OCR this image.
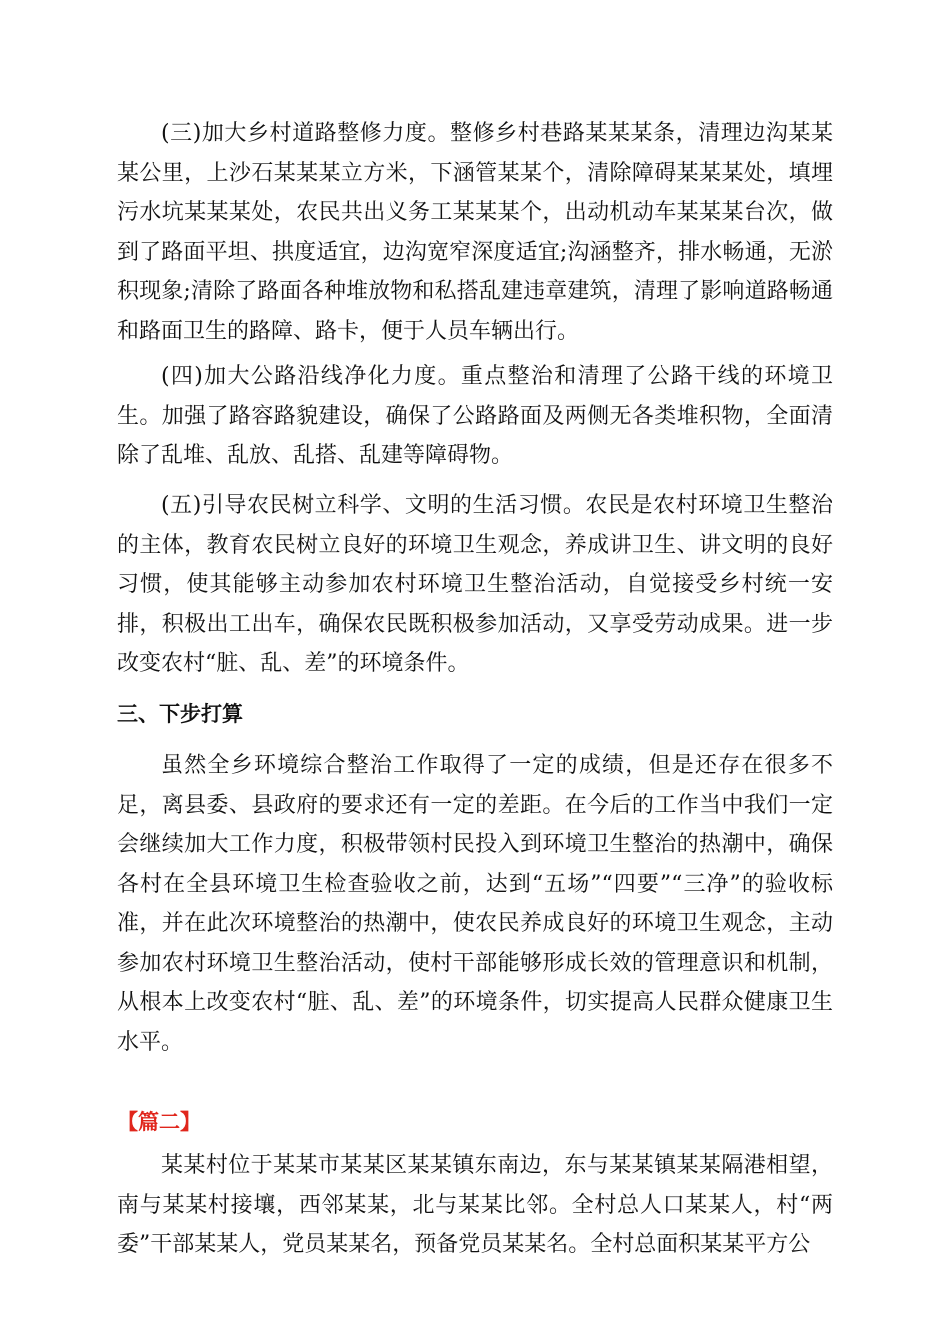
(三)加大乡村道路整修力度。整修乡村巷路某某某条，清理边沟某某某公里，上沙石某某某立方米，下涵管某某个，清除障碍某某某处，填埋污水坑某某某处，农民共出义务工某某某个，出动机动车某某某台次，做到了路面平坦、拱度适宜，边沟宽窄深度适宜;沟涵整齐，排水畅通，无淤积现象;清除了路面各种堆放物和私搭乱建违章建筑，清理了影响道路畅通和路面卫生的路障、路卡，便于人员车辆出行。

(四)加大公路沿线净化力度。重点整治和清理了公路干线的环境卫生。加强了路容路貌建设，确保了公路路面及两侧无各类堆积物，全面清除了乱堆、乱放、乱搭、乱建等障碍物。

(五)引导农民树立科学、文明的生活习惯。农民是农村环境卫生整治的主体，教育农民树立良好的环境卫生观念，养成讲卫生、讲文明的良好习惯，使其能够主动参加农村环境卫生整治活动，自觉接受乡村统一安排，积极出工出车，确保农民既积极参加活动，又享受劳动成果。进一步改变农村“脏、乱、差”的环境条件。

三、下步打算

虽然全乡环境综合整治工作取得了一定的成绩，但是还存在很多不足，离县委、县政府的要求还有一定的差距。在今后的工作当中我们一定会继续加大工作力度，积极带领村民投入到环境卫生整治的热潮中，确保各村在全县环境卫生检查验收之前，达到“五场”“四要”“三净”的验收标准，并在此次环境整治的热潮中，使农民养成良好的环境卫生观念，主动参加农村环境卫生整治活动，使村干部能够形成长效的管理意识和机制，从根本上改变农村“脏、乱、差”的环境条件，切实提高人民群众健康卫生水平。

【篇二】

某某村位于某某市某某区某某镇东南边，东与某某镇某某隔港相望，南与某某村接壤，西邻某某，北与某某比邻。全村总人口某某人，村“两委”干部某某人，党员某某名，预备党员某某名。全村总面积某某平方公
